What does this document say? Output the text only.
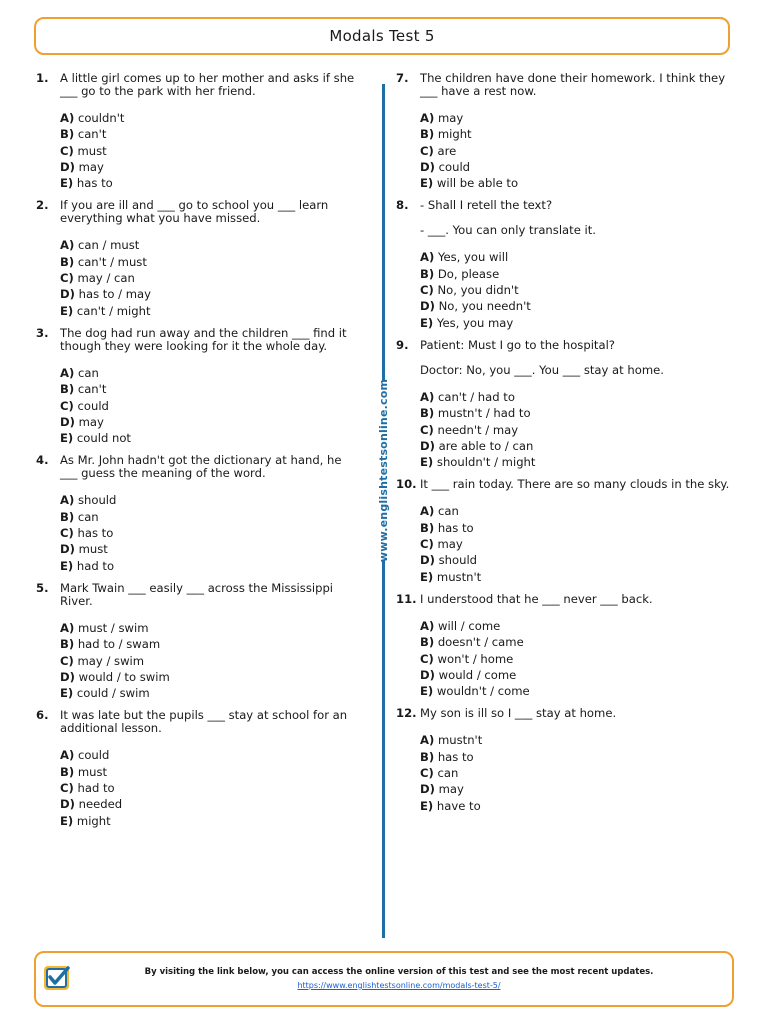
Modals Test 5
1. A little girl comes up to her mother and asks if she ___ go to the park with her friend.
A) couldn't
B) can't
C) must
D) may
E) has to
2. If you are ill and ___ go to school you ___ learn everything what you have missed.
A) can / must
B) can't / must
C) may / can
D) has to / may
E) can't / might
3. The dog had run away and the children ___ find it though they were looking for it the whole day.
A) can
B) can't
C) could
D) may
E) could not
4. As Mr. John hadn't got the dictionary at hand, he ___ guess the meaning of the word.
A) should
B) can
C) has to
D) must
E) had to
5. Mark Twain ___ easily ___ across the Mississippi River.
A) must / swim
B) had to / swam
C) may / swim
D) would / to swim
E) could / swim
6. It was late but the pupils ___ stay at school for an additional lesson.
A) could
B) must
C) had to
D) needed
E) might
www.englishtestsonline.com
7. The children have done their homework. I think they ___ have a rest now.
A) may
B) might
C) are
D) could
E) will be able to
8. - Shall I retell the text?
- ___. You can only translate it.
A) Yes, you will
B) Do, please
C) No, you didn't
D) No, you needn't
E) Yes, you may
9. Patient: Must I go to the hospital?
Doctor: No, you ___. You ___ stay at home.
A) can't / had to
B) mustn't / had to
C) needn't / may
D) are able to / can
E) shouldn't / might
10. It ___ rain today. There are so many clouds in the sky.
A) can
B) has to
C) may
D) should
E) mustn't
11. I understood that he ___ never ___ back.
A) will / come
B) doesn't / came
C) won't / home
D) would / come
E) wouldn't / come
12. My son is ill so I ___ stay at home.
A) mustn't
B) has to
C) can
D) may
E) have to
By visiting the link below, you can access the online version of this test and see the most recent updates.
https://www.englishtestsonline.com/modals-test-5/
